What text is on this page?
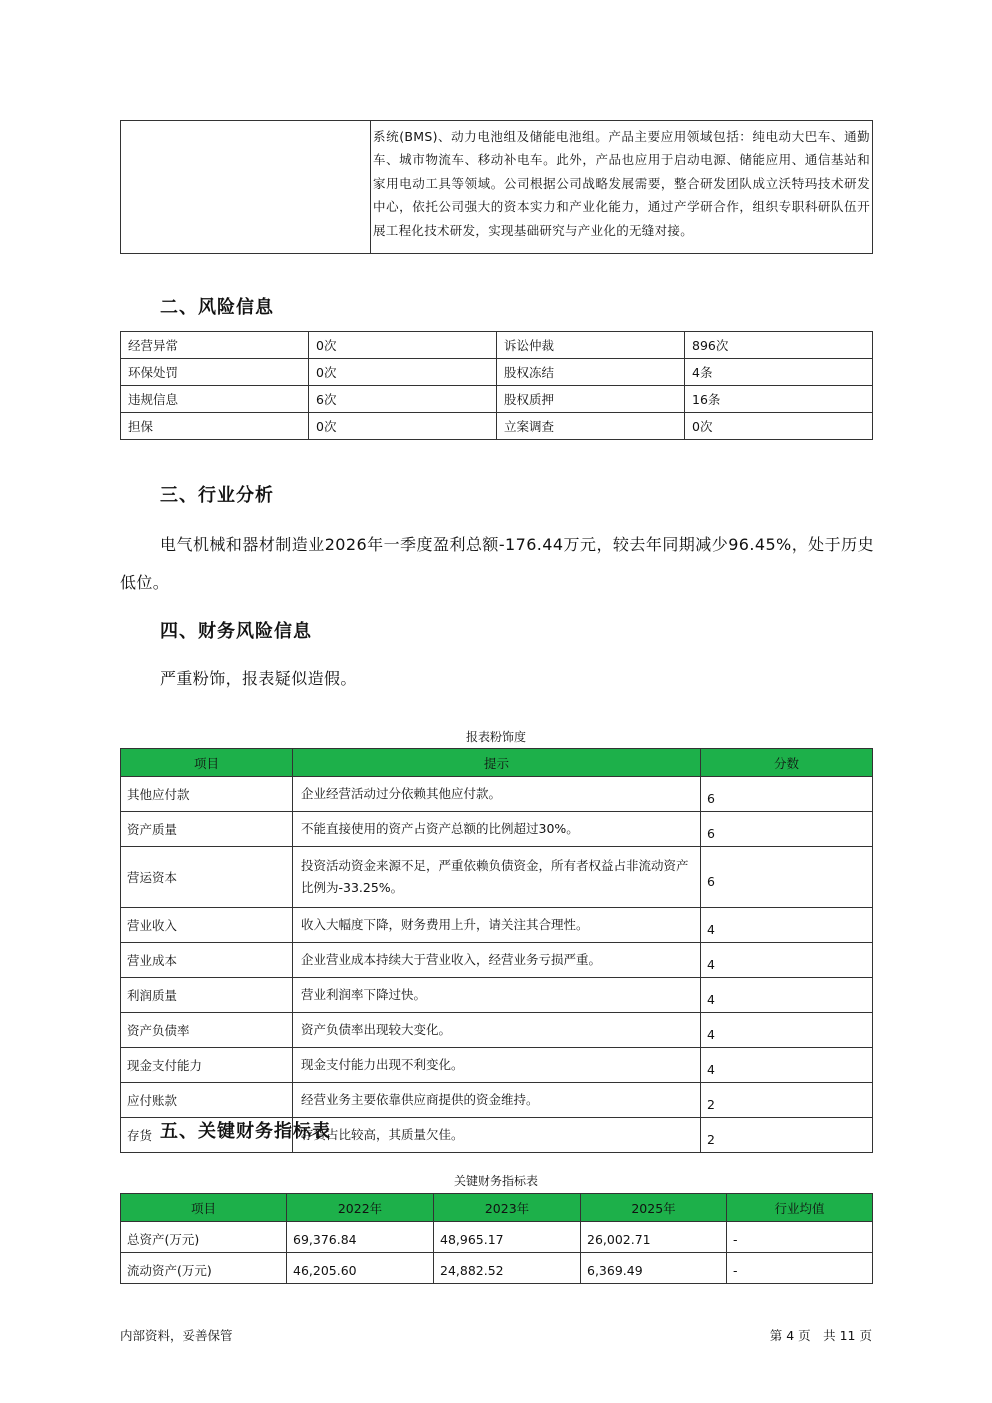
系统(BMS)、动力电池组及储能电池组。产品主要应用领域包括：纯电动大巴车、通勤车、城市物流车、移动补电车。此外，产品也应用于启动电源、储能应用、通信基站和家用电动工具等领域。公司根据公司战略发展需要，整合研发团队成立沃特玛技术研发中心，依托公司强大的资本实力和产业化能力，通过产学研合作，组织专职科研队伍开展工程化技术研发，实现基础研究与产业化的无缝对接。
二、风险信息
经营异常	0次	诉讼仲裁	896次
环保处罚	0次	股权冻结	4条
违规信息	6次	股权质押	16条
担保	0次	立案调查	0次
三、行业分析
电气机械和器材制造业2026年一季度盈利总额-176.44万元，较去年同期减少96.45%，处于历史低位。
四、财务风险信息
严重粉饰，报表疑似造假。
报表粉饰度
项目	提示	分数
其他应付款	企业经营活动过分依赖其他应付款。	6
资产质量	不能直接使用的资产占资产总额的比例超过30%。	6
营运资本	投资活动资金来源不足，严重依赖负债资金，所有者权益占非流动资产比例为-33.25%。	6
营业收入	收入大幅度下降，财务费用上升，请关注其合理性。	4
营业成本	企业营业成本持续大于营业收入，经营业务亏损严重。	4
利润质量	营业利润率下降过快。	4
资产负债率	资产负债率出现较大变化。	4
现金支付能力	现金支付能力出现不利变化。	4
应付账款	经营业务主要依靠供应商提供的资金维持。	2
存货	存货占比较高，其质量欠佳。	2
五、关键财务指标表
关键财务指标表
项目	2022年	2023年	2025年	行业均值
总资产(万元)	69,376.84	48,965.17	26,002.71	-
流动资产(万元)	46,205.60	24,882.52	6,369.49	-
内部资料，妥善保管	第 4 页　共 11 页
